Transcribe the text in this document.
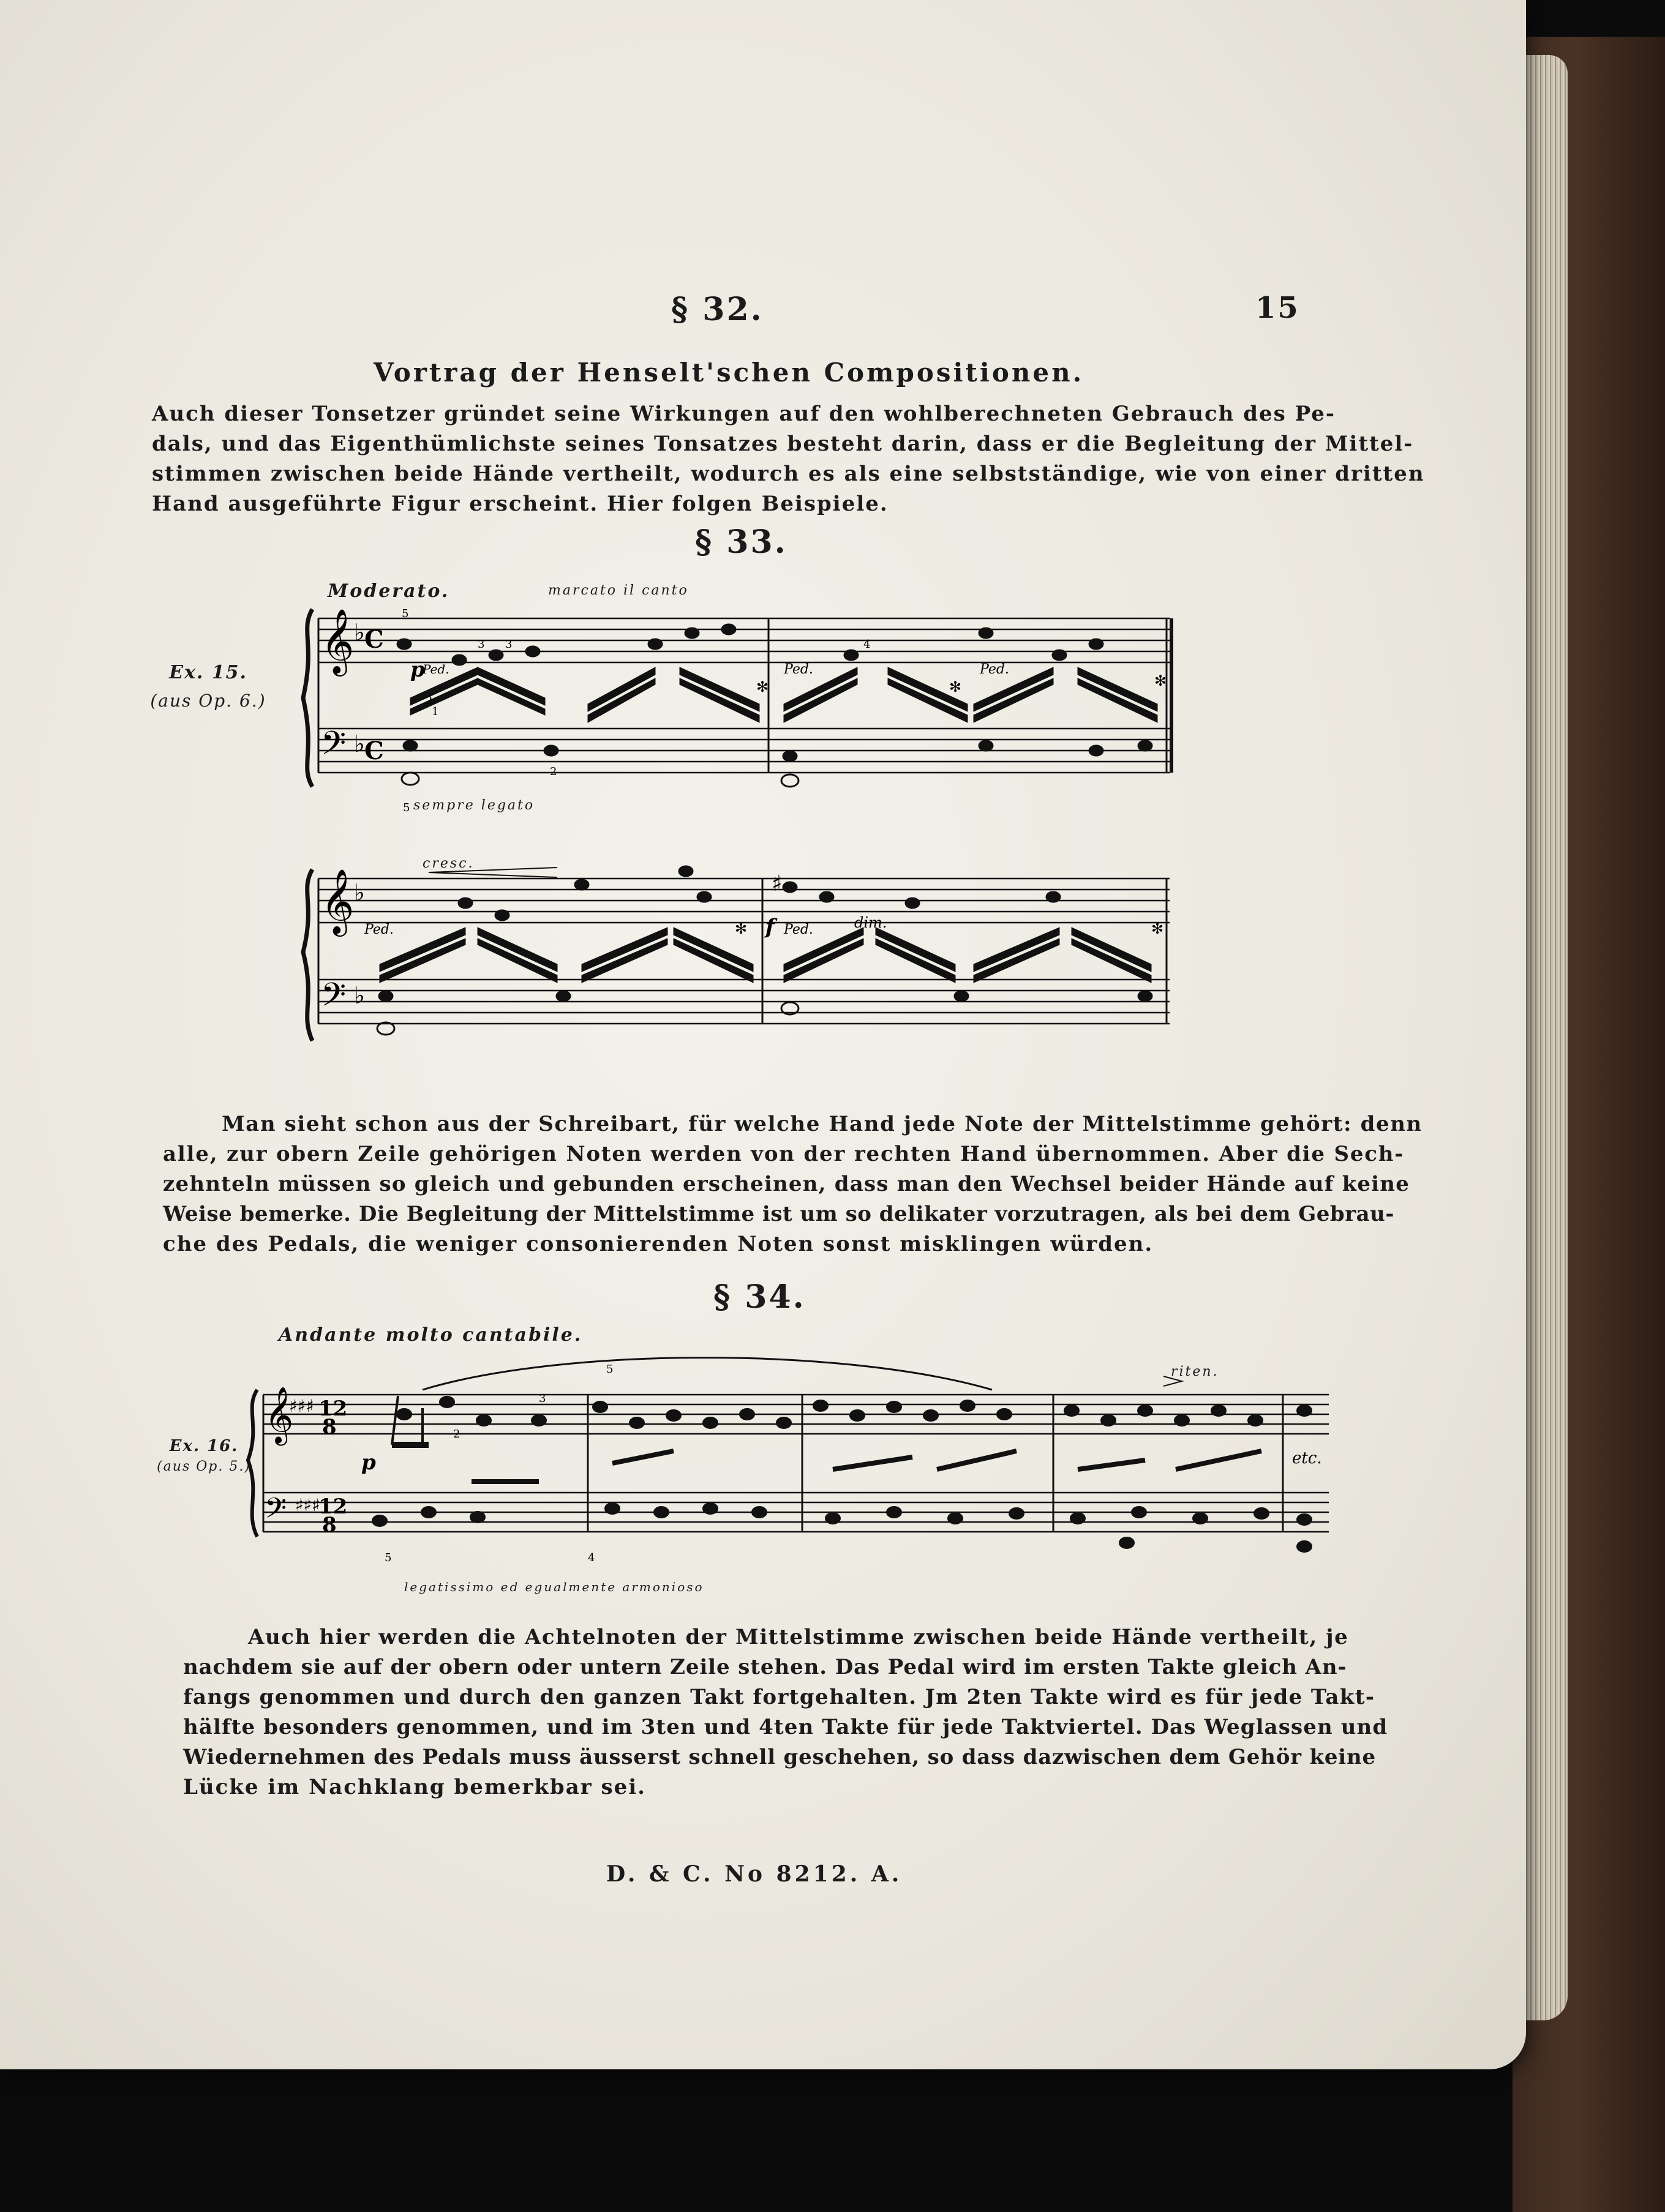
§ 32.	15
Vortrag der Henselt'schen Compositionen.

Auch dieser Tonsetzer gründet seine Wirkungen auf den wohlberechneten Gebrauch des Pe-

dals, und das Eigenthümlichste seines Tonsatzes besteht darin, dass er die Begleitung der Mittel-

stimmen zwischen beide Hände vertheilt, wodurch es als eine selbstständige, wie von einer dritten

Hand ausgeführte Figur erscheint. Hier folgen Beispiele.

§ 33.
Moderato.	marcato il canto
Ex. 15.
(aus Op. 6.)
𝄞
𝄢
♭
♭
C
C
p
Ped.	Ped.	Ped.
✻	✻	✻
5
3
2
1
3	4
2
5 sempre legato
cresc.
𝄞
𝄢
♭
♭
♯
Ped.	Ped.
f	dim.
✻	✻

Man sieht schon aus der Schreibart, für welche Hand jede Note der Mittelstimme gehört: denn

alle, zur obern Zeile gehörigen Noten werden von der rechten Hand übernommen. Aber die Sech-

zehnteln müssen so gleich und gebunden erscheinen, dass man den Wechsel beider Hände auf keine

Weise bemerke. Die Begleitung der Mittelstimme ist um so delikater vorzutragen, als bei dem Gebrau-

che des Pedals, die weniger consonierenden Noten sonst misklingen würden.

§ 34.
Andante molto cantabile.
riten.
Ex. 16.
(aus Op. 5.)
𝄞
𝄢
♯♯♯
♯♯♯
12
8
12
8
p	etc.
5
3
2
5	4
legatissimo ed egualmente armonioso

Auch hier werden die Achtelnoten der Mittelstimme zwischen beide Hände vertheilt, je

nachdem sie auf der obern oder untern Zeile stehen. Das Pedal wird im ersten Takte gleich An-

fangs genommen und durch den ganzen Takt fortgehalten. Jm 2ten Takte wird es für jede Takt-

hälfte besonders genommen, und im 3ten und 4ten Takte für jede Taktviertel. Das Weglassen und

Wiedernehmen des Pedals muss äusserst schnell geschehen, so dass dazwischen dem Gehör keine

Lücke im Nachklang bemerkbar sei.

D. & C. No 8212. A.
